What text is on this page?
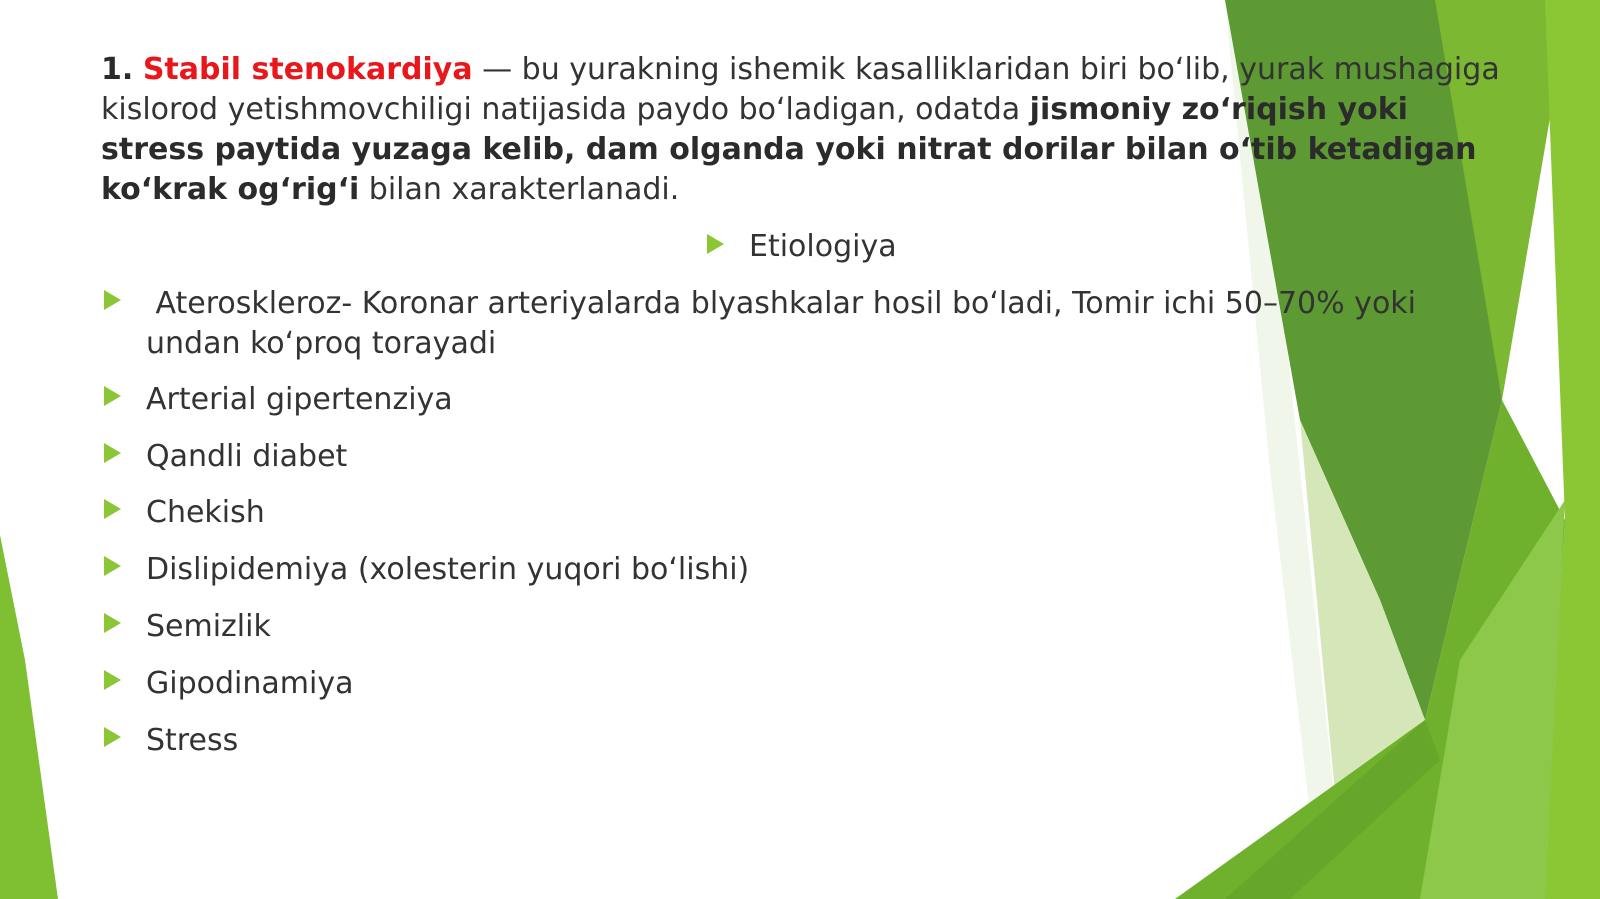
1. Stabil stenokardiya — bu yurakning ishemik kasalliklaridan biri bo‘lib, yurak mushagiga kislorod yetishmovchiligi natijasida paydo bo‘ladigan, odatda jismoniy zo‘riqish yoki stress paytida yuzaga kelib, dam olganda yoki nitrat dorilar bilan o‘tib ketadigan ko‘krak og‘rig‘i bilan xarakterlanadi.
Etiologiya
Ateroskleroz- Koronar arteriyalarda blyashkalar hosil bo‘ladi, Tomir ichi 50–70% yoki undan ko‘proq torayadi
Arterial gipertenziya
Qandli diabet
Chekish
Dislipidemiya (xolesterin yuqori bo‘lishi)
Semizlik
Gipodinamiya
Stress
